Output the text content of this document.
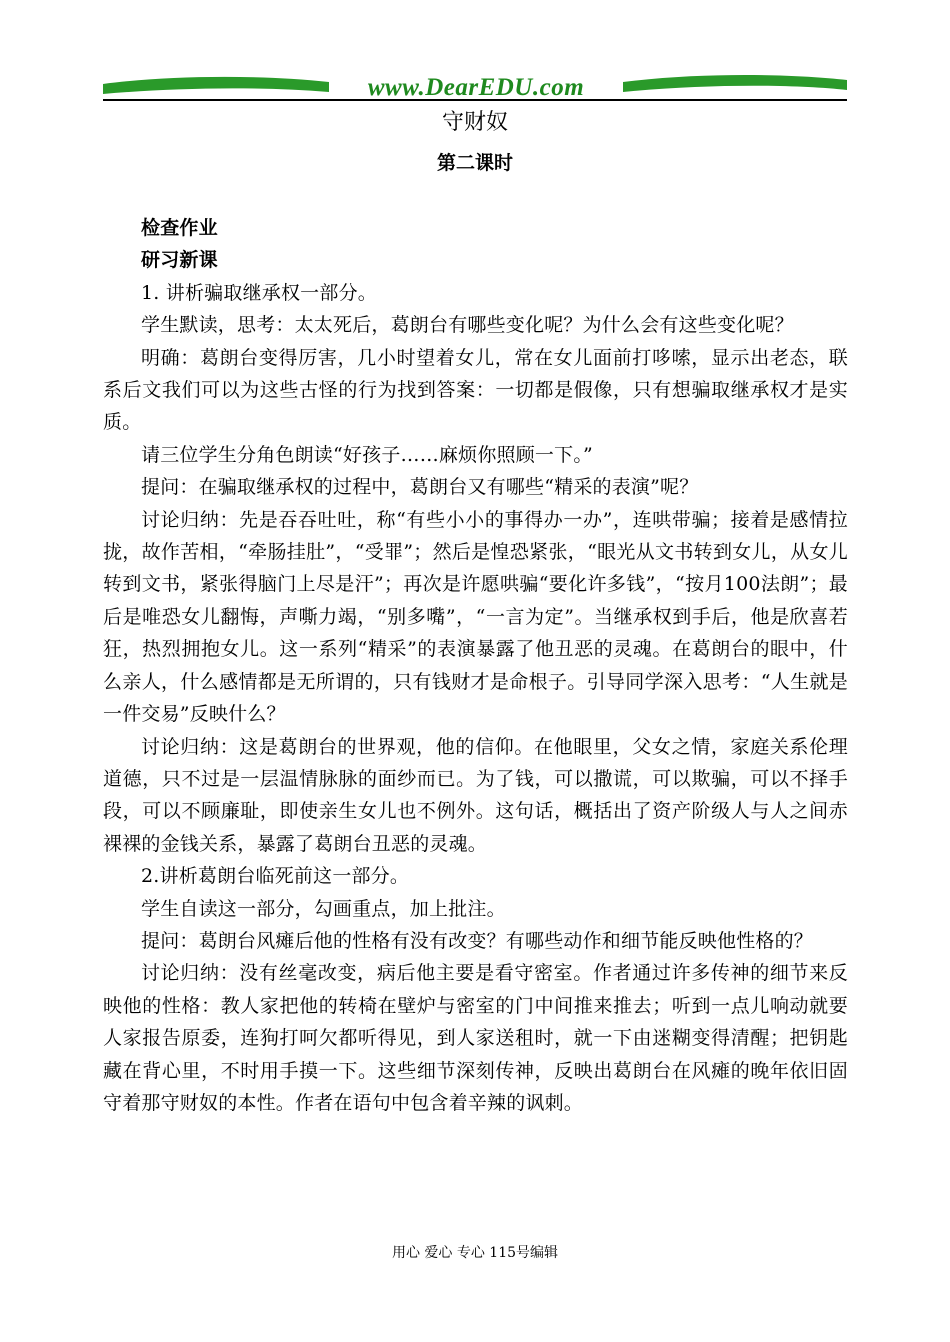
www.DearEDU.com
守财奴
第二课时

检查作业

研习新课

1. 讲析骗取继承权一部分。

学生默读，思考：太太死后，葛朗台有哪些变化呢？为什么会有这些变化呢？

明确：葛朗台变得厉害，几小时望着女儿，常在女儿面前打哆嗦，显示出老态，联系后文我们可以为这些古怪的行为找到答案：一切都是假像，只有想骗取继承权才是实质。

请三位学生分角色朗读“好孩子……麻烦你照顾一下。”

提问：在骗取继承权的过程中，葛朗台又有哪些“精采的表演”呢？

讨论归纳：先是吞吞吐吐，称“有些小小的事得办一办”，连哄带骗；接着是感情拉拢，故作苦相，“牵肠挂肚”，“受罪”；然后是惶恐紧张，“眼光从文书转到女儿，从女儿转到文书，紧张得脑门上尽是汗”；再次是许愿哄骗“要化许多钱”，“按月100法朗”；最后是唯恐女儿翻悔，声嘶力竭，“别多嘴”，“一言为定”。当继承权到手后，他是欣喜若狂，热烈拥抱女儿。这一系列“精采”的表演暴露了他丑恶的灵魂。在葛朗台的眼中，什么亲人，什么感情都是无所谓的，只有钱财才是命根子。引导同学深入思考：“人生就是一件交易”反映什么？

讨论归纳：这是葛朗台的世界观，他的信仰。在他眼里，父女之情，家庭关系伦理道德，只不过是一层温情脉脉的面纱而已。为了钱，可以撒谎，可以欺骗，可以不择手段，可以不顾廉耻，即使亲生女儿也不例外。这句话，概括出了资产阶级人与人之间赤裸裸的金钱关系，暴露了葛朗台丑恶的灵魂。

2.讲析葛朗台临死前这一部分。

学生自读这一部分，勾画重点，加上批注。

提问：葛朗台风瘫后他的性格有没有改变？有哪些动作和细节能反映他性格的？

讨论归纳：没有丝毫改变，病后他主要是看守密室。作者通过许多传神的细节来反映他的性格：教人家把他的转椅在壁炉与密室的门中间推来推去；听到一点儿响动就要人家报告原委，连狗打呵欠都听得见，到人家送租时，就一下由迷糊变得清醒；把钥匙藏在背心里，不时用手摸一下。这些细节深刻传神，反映出葛朗台在风瘫的晚年依旧固守着那守财奴的本性。作者在语句中包含着辛辣的讽刺。

用心 爱心 专心 115号编辑
